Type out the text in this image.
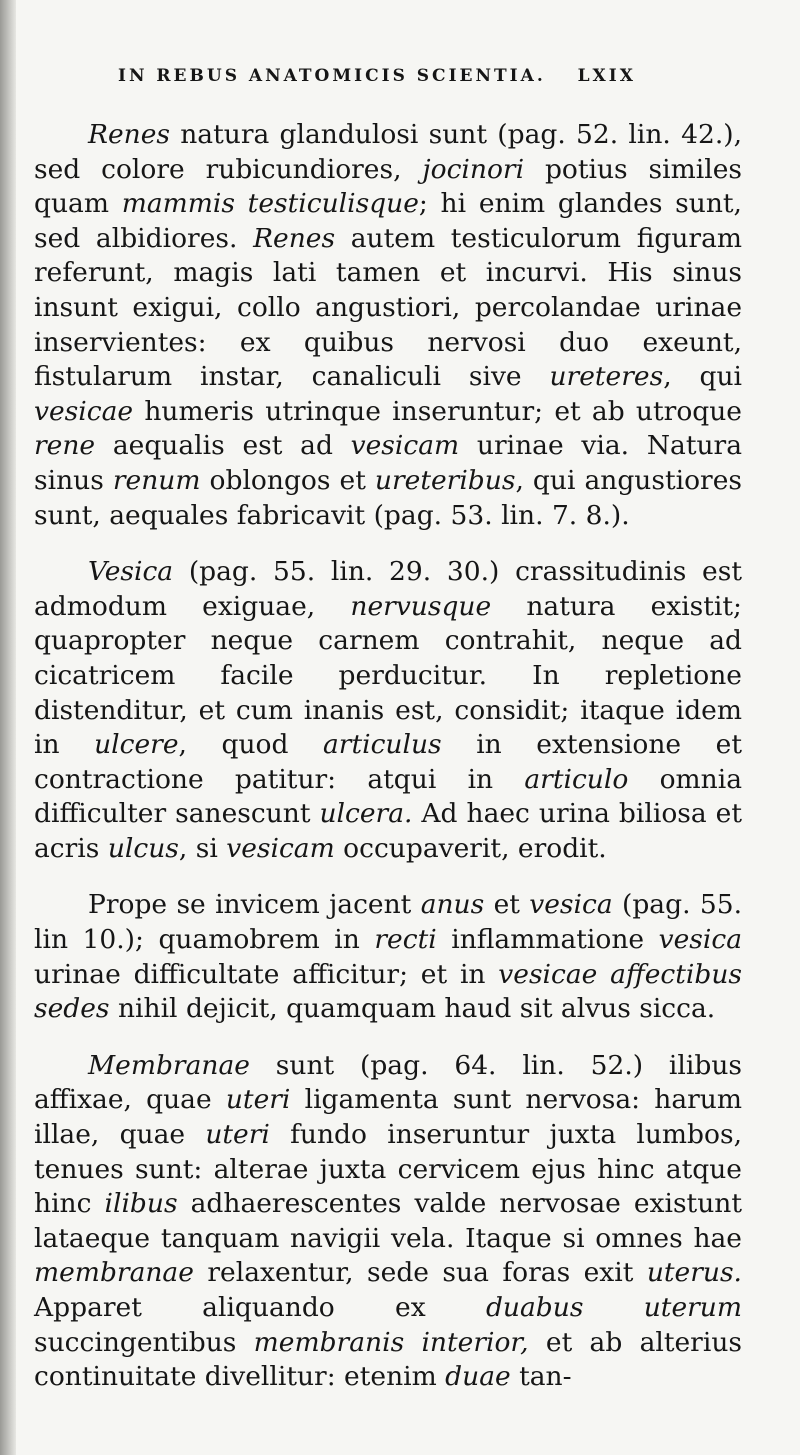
IN REBUS ANATOMICIS SCIENTIA. LXIX

Renes natura glandulosi sunt (pag. 52. lin. 42.), sed colore rubicundiores, jocinori potius similes quam mammis testiculisque; hi enim glandes sunt, sed albidiores. Renes autem testiculorum figuram referunt, magis lati tamen et incurvi. His sinus insunt exigui, collo angustiori, percolandae urinae inservientes: ex quibus nervosi duo exeunt, fistularum instar, canaliculi sive ureteres, qui vesicae humeris utrinque inseruntur; et ab utroque rene aequalis est ad vesicam urinae via. Natura sinus renum oblongos et ureteribus, qui angustiores sunt, aequales fabricavit (pag. 53. lin. 7. 8.).

Vesica (pag. 55. lin. 29. 30.) crassitudinis est admodum exiguae, nervusque natura existit; quapropter neque carnem contrahit, neque ad cicatricem facile perducitur. In repletione distenditur, et cum inanis est, considit; itaque idem in ulcere, quod articulus in extensione et contractione patitur: atqui in articulo omnia difficulter sanescunt ulcera. Ad haec urina biliosa et acris ulcus, si vesicam occupaverit, erodit.

Prope se invicem jacent anus et vesica (pag. 55. lin 10.); quamobrem in recti inflammatione vesica urinae difficultate afficitur; et in vesicae affectibus sedes nihil dejicit, quamquam haud sit alvus sicca.

Membranae sunt (pag. 64. lin. 52.) ilibus affixae, quae uteri ligamenta sunt nervosa: harum illae, quae uteri fundo inseruntur juxta lumbos, tenues sunt: alterae juxta cervicem ejus hinc atque hinc ilibus adhaerescentes valde nervosae existunt lataeque tanquam navigii vela. Itaque si omnes hae membranae relaxentur, sede sua foras exit uterus. Apparet aliquando ex duabus uterum succingentibus membranis interior, et ab alterius continuitate divellitur: etenim duae tan-
